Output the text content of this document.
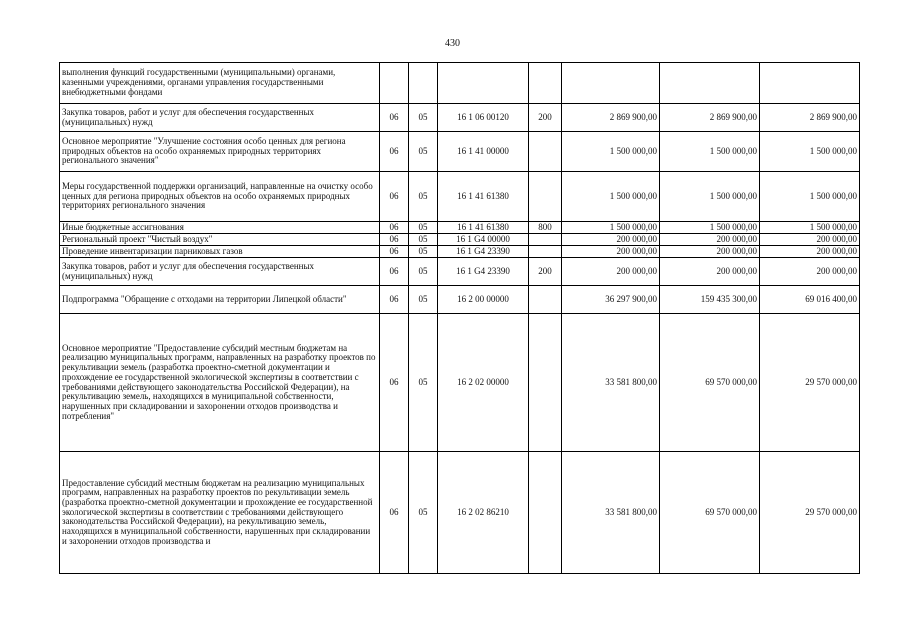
430
выполнения функций государственными (муниципальными) органами, казенными учреждениями, органами управления государственными внебюджетными фондами							
Закупка товаров, работ и услуг для обеспечения государственных (муниципальных) нужд	06	05	16 1 06 00120	200	2 869 900,00	2 869 900,00	2 869 900,00
Основное мероприятие "Улучшение состояния особо ценных для региона природных объектов на особо охраняемых природных территориях регионального значения"	06	05	16 1 41 00000		1 500 000,00	1 500 000,00	1 500 000,00
Меры государственной поддержки организаций, направленные на очистку особо ценных для региона природных объектов на особо охраняемых природных территориях регионального значения	06	05	16 1 41 61380		1 500 000,00	1 500 000,00	1 500 000,00
Иные бюджетные ассигнования	06	05	16 1 41 61380	800	1 500 000,00	1 500 000,00	1 500 000,00
Региональный проект "Чистый воздух"	06	05	16 1 G4 00000		200 000,00	200 000,00	200 000,00
Проведение инвентаризации парниковых газов	06	05	16 1 G4 23390		200 000,00	200 000,00	200 000,00
Закупка товаров, работ и услуг для обеспечения государственных (муниципальных) нужд	06	05	16 1 G4 23390	200	200 000,00	200 000,00	200 000,00
Подпрограмма "Обращение с отходами на территории Липецкой области"	06	05	16 2 00 00000		36 297 900,00	159 435 300,00	69 016 400,00
Основное мероприятие "Предоставление субсидий местным бюджетам на реализацию муниципальных программ, направленных на разработку проектов по рекультивации земель (разработка проектно-сметной документации и прохождение ее государственной экологической экспертизы в соответствии с требованиями действующего законодательства Российской Федерации), на рекультивацию земель, находящихся в муниципальной собственности, нарушенных при складировании и захоронении отходов производства и потребления"	06	05	16 2 02 00000		33 581 800,00	69 570 000,00	29 570 000,00
Предоставление субсидий местным бюджетам на реализацию муниципальных программ, направленных на разработку проектов по рекультивации земель (разработка проектно-сметной документации и прохождение ее государственной экологической экспертизы в соответствии с требованиями действующего законодательства Российской Федерации), на рекультивацию земель, находящихся в муниципальной собственности, нарушенных при складировании и захоронении отходов производства и	06	05	16 2 02 86210		33 581 800,00	69 570 000,00	29 570 000,00
